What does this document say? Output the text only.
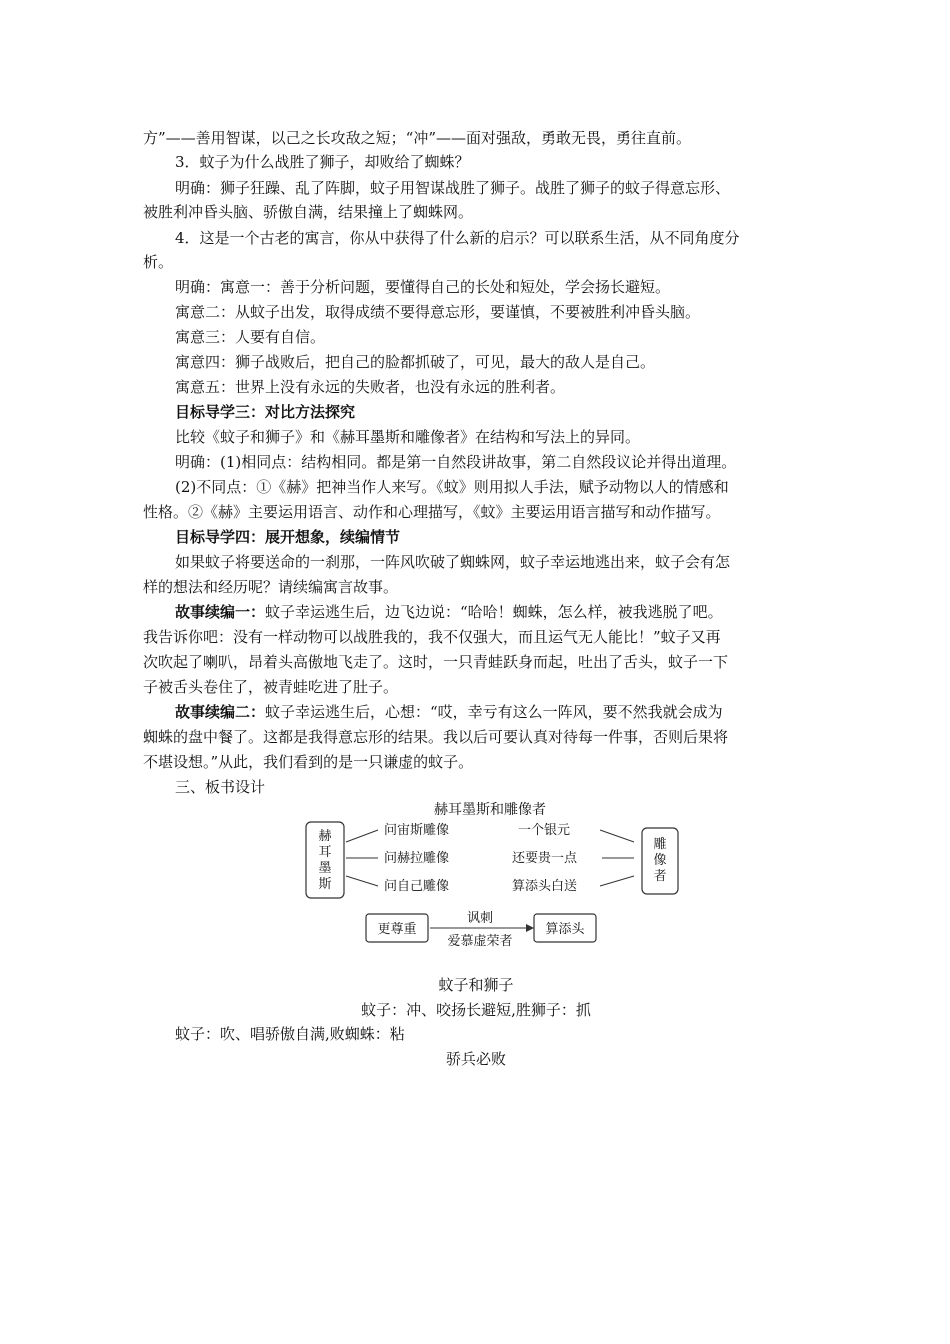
方”——善用智谋，以己之长攻敌之短；“冲”——面对强敌，勇敢无畏，勇往直前。

3．蚊子为什么战胜了狮子，却败给了蜘蛛？

明确：狮子狂躁、乱了阵脚，蚊子用智谋战胜了狮子。战胜了狮子的蚊子得意忘形、

被胜利冲昏头脑、骄傲自满，结果撞上了蜘蛛网。

4．这是一个古老的寓言，你从中获得了什么新的启示？可以联系生活，从不同角度分

析。

明确：寓意一：善于分析问题，要懂得自己的长处和短处，学会扬长避短。

寓意二：从蚊子出发，取得成绩不要得意忘形，要谨慎，不要被胜利冲昏头脑。

寓意三：人要有自信。

寓意四：狮子战败后，把自己的脸都抓破了，可见，最大的敌人是自己。

寓意五：世界上没有永远的失败者，也没有永远的胜利者。

目标导学三：对比方法探究

比较《蚊子和狮子》和《赫耳墨斯和雕像者》在结构和写法上的异同。

明确：(1)相同点：结构相同。都是第一自然段讲故事，第二自然段议论并得出道理。

(2)不同点：①《赫》把神当作人来写。《蚊》则用拟人手法，赋予动物以人的情感和

性格。②《赫》主要运用语言、动作和心理描写，《蚊》主要运用语言描写和动作描写。

目标导学四：展开想象，续编情节

如果蚊子将要送命的一刹那，一阵风吹破了蜘蛛网，蚊子幸运地逃出来，蚊子会有怎

样的想法和经历呢？请续编寓言故事。

故事续编一：蚊子幸运逃生后，边飞边说：“哈哈！蜘蛛，怎么样，被我逃脱了吧。

我告诉你吧：没有一样动物可以战胜我的，我不仅强大，而且运气无人能比！”蚊子又再

次吹起了喇叭，昂着头高傲地飞走了。这时，一只青蛙跃身而起，吐出了舌头，蚊子一下

子被舌头卷住了，被青蛙吃进了肚子。

故事续编二：蚊子幸运逃生后，心想：“哎，幸亏有这么一阵风，要不然我就会成为

蜘蛛的盘中餐了。这都是我得意忘形的结果。我以后可要认真对待每一件事，否则后果将

不堪设想。”从此，我们看到的是一只谦虚的蚊子。

三、板书设计

赫耳墨斯和雕像者
赫
耳
墨
斯
问宙斯雕像
问赫拉雕像
问自己雕像
一个银元
还要贵一点
算添头白送
雕
像
者
更尊重
讽刺
爱慕虚荣者
算添头

蚊子和狮子

蚊子：冲、咬扬长避短,胜狮子：抓

蚊子：吹、唱骄傲自满,败蜘蛛：粘

骄兵必败
